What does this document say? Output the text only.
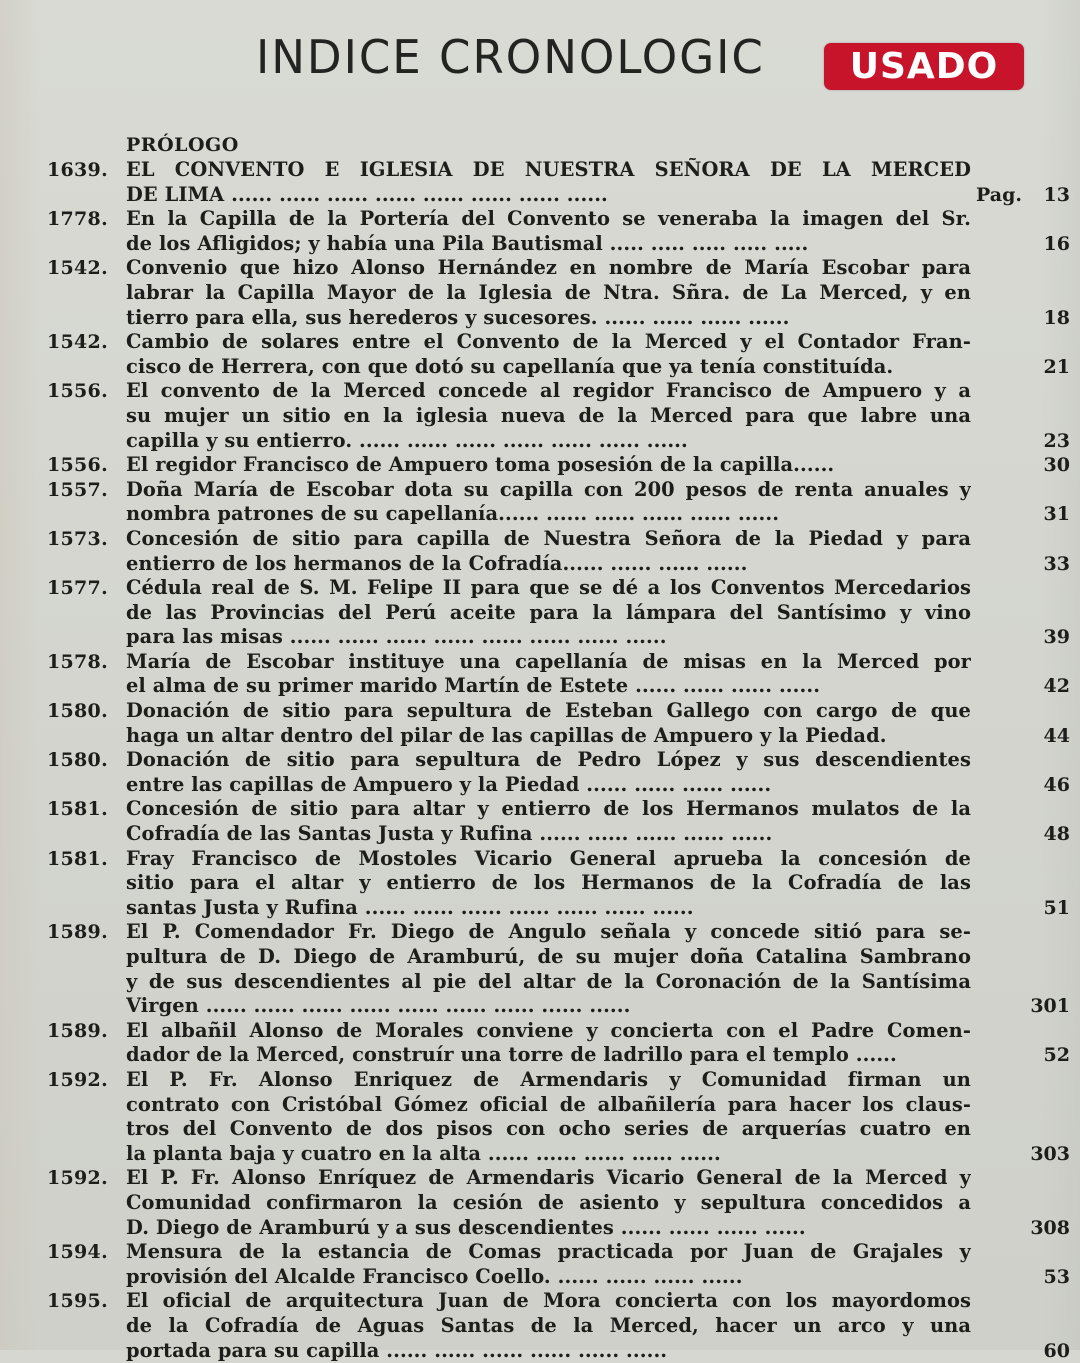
INDICE CRONOLOGIC	USADO
PRÓLOGO
1639. EL CONVENTO E IGLESIA DE NUESTRA SEÑORA DE LA MERCED
DE LIMA ...... ...... ...... ...... ...... ...... ...... ......	Pag. 13
1778. En la Capilla de la Portería del Convento se veneraba la imagen del Sr.
de los Afligidos; y había una Pila Bautismal ..... ..... ..... ..... .....	16
1542. Convenio que hizo Alonso Hernández en nombre de María Escobar para
labrar la Capilla Mayor de la Iglesia de Ntra. Sñra. de La Merced, y en
tierro para ella, sus herederos y sucesores. ...... ...... ...... ......	18
1542. Cambio de solares entre el Convento de la Merced y el Contador Fran-
cisco de Herrera, con que dotó su capellanía que ya tenía constituída.	21
1556. El convento de la Merced concede al regidor Francisco de Ampuero y a
su mujer un sitio en la iglesia nueva de la Merced para que labre una
capilla y su entierro. ...... ...... ...... ...... ...... ...... ......	23
1556. El regidor Francisco de Ampuero toma posesión de la capilla......	30
1557. Doña María de Escobar dota su capilla con 200 pesos de renta anuales y
nombra patrones de su capellanía...... ...... ...... ...... ...... ......	31
1573. Concesión de sitio para capilla de Nuestra Señora de la Piedad y para
entierro de los hermanos de la Cofradía...... ...... ...... ......	33
1577. Cédula real de S. M. Felipe II para que se dé a los Conventos Mercedarios
de las Provincias del Perú aceite para la lámpara del Santísimo y vino
para las misas ...... ...... ...... ...... ...... ...... ...... ......	39
1578. María de Escobar instituye una capellanía de misas en la Merced por
el alma de su primer marido Martín de Estete ...... ...... ...... ......	42
1580. Donación de sitio para sepultura de Esteban Gallego con cargo de que
haga un altar dentro del pilar de las capillas de Ampuero y la Piedad.	44
1580. Donación de sitio para sepultura de Pedro López y sus descendientes
entre las capillas de Ampuero y la Piedad ...... ...... ...... ......	46
1581. Concesión de sitio para altar y entierro de los Hermanos mulatos de la
Cofradía de las Santas Justa y Rufina ...... ...... ...... ...... ......	48
1581. Fray Francisco de Mostoles Vicario General aprueba la concesión de
sitio para el altar y entierro de los Hermanos de la Cofradía de las
santas Justa y Rufina ...... ...... ...... ...... ...... ...... ......	51
1589. El P. Comendador Fr. Diego de Angulo señala y concede sitió para se-
pultura de D. Diego de Aramburú, de su mujer doña Catalina Sambrano
y de sus descendientes al pie del altar de la Coronación de la Santísima
Virgen ...... ...... ...... ...... ...... ...... ...... ...... ......	301
1589. El albañil Alonso de Morales conviene y concierta con el Padre Comen-
dador de la Merced, construír una torre de ladrillo para el templo ......	52
1592. El P. Fr. Alonso Enriquez de Armendaris y Comunidad firman un
contrato con Cristóbal Gómez oficial de albañilería para hacer los claus-
tros del Convento de dos pisos con ocho series de arquerías cuatro en
la planta baja y cuatro en la alta ...... ...... ...... ...... ......	303
1592. El P. Fr. Alonso Enríquez de Armendaris Vicario General de la Merced y
Comunidad confirmaron la cesión de asiento y sepultura concedidos a
D. Diego de Aramburú y a sus descendientes ...... ...... ...... ......	308
1594. Mensura de la estancia de Comas practicada por Juan de Grajales y
provisión del Alcalde Francisco Coello. ...... ...... ...... ......	53
1595. El oficial de arquitectura Juan de Mora concierta con los mayordomos
de la Cofradía de Aguas Santas de la Merced, hacer un arco y una
portada para su capilla ...... ...... ...... ...... ...... ......	60
